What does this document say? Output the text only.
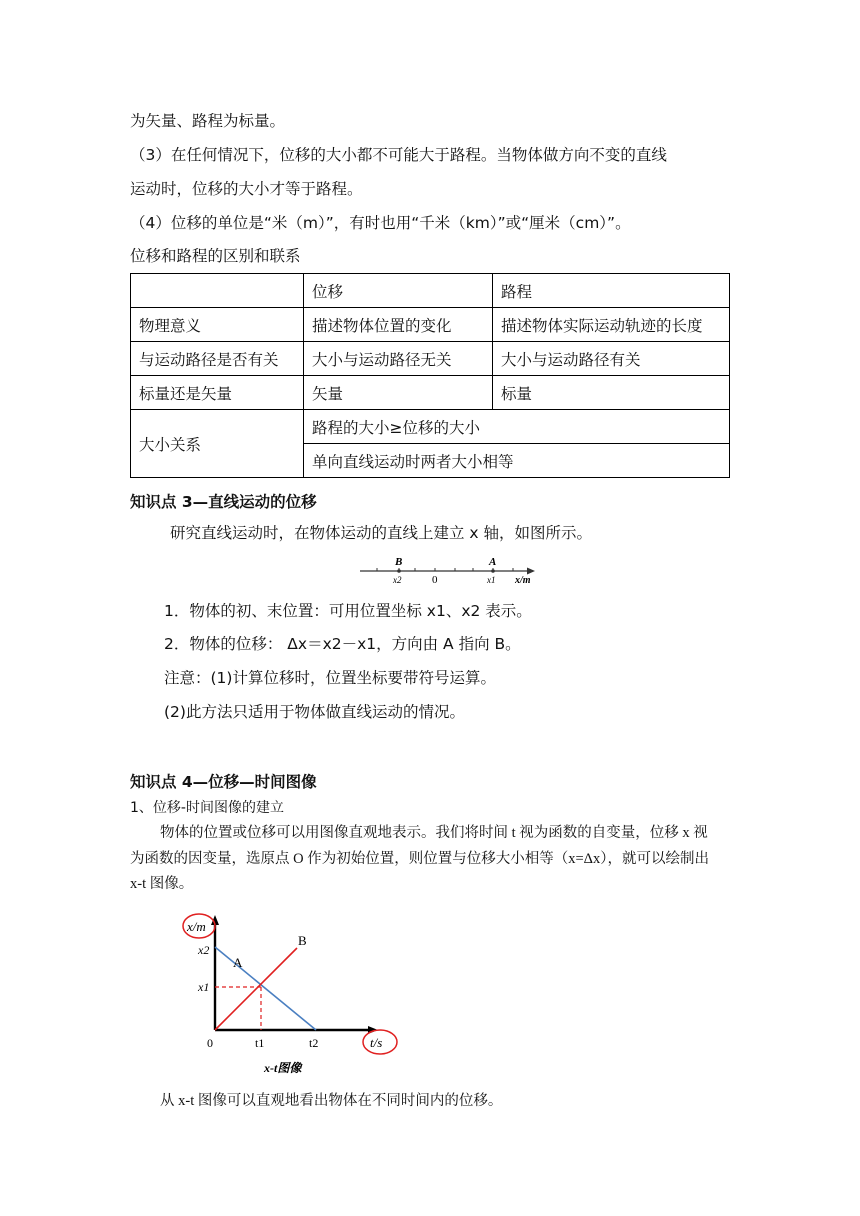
为矢量、路程为标量。
（3）在任何情况下，位移的大小都不可能大于路程。当物体做方向不变的直线
运动时，位移的大小才等于路程。
（4）位移的单位是“米（m）”，有时也用“千米（km）”或“厘米（cm）”。
位移和路程的区别和联系
	位移	路程
物理意义	描述物体位置的变化	描述物体实际运动轨迹的长度
与运动路径是否有关	大小与运动路径无关	大小与运动路径有关
标量还是矢量	矢量	标量
大小关系	路程的大小≥位移的大小	
	单向直线运动时两者大小相等	
知识点 3—直线运动的位移
研究直线运动时，在物体运动的直线上建立 x 轴，如图所示。
B	A
x2	0	x1 x/m
1．物体的初、末位置：可用位置坐标 x1、x2 表示。
2．物体的位移： Δx＝x2－x1，方向由 A 指向 B。
注意：(1)计算位移时，位置坐标要带符号运算。
(2)此方法只适用于物体做直线运动的情况。
知识点 4—位移—时间图像
1、位移-时间图像的建立
物体的位置或位移可以用图像直观地表示。我们将时间 t 视为函数的自变量，位移 x 视
为函数的因变量，选原点 O 作为初始位置，则位置与位移大小相等（x=Δx），就可以绘制出
x-t 图像。
x/m
t/s
x2
x1
0	t1	t2
A
B
x-t图像
从 x-t 图像可以直观地看出物体在不同时间内的位移。
